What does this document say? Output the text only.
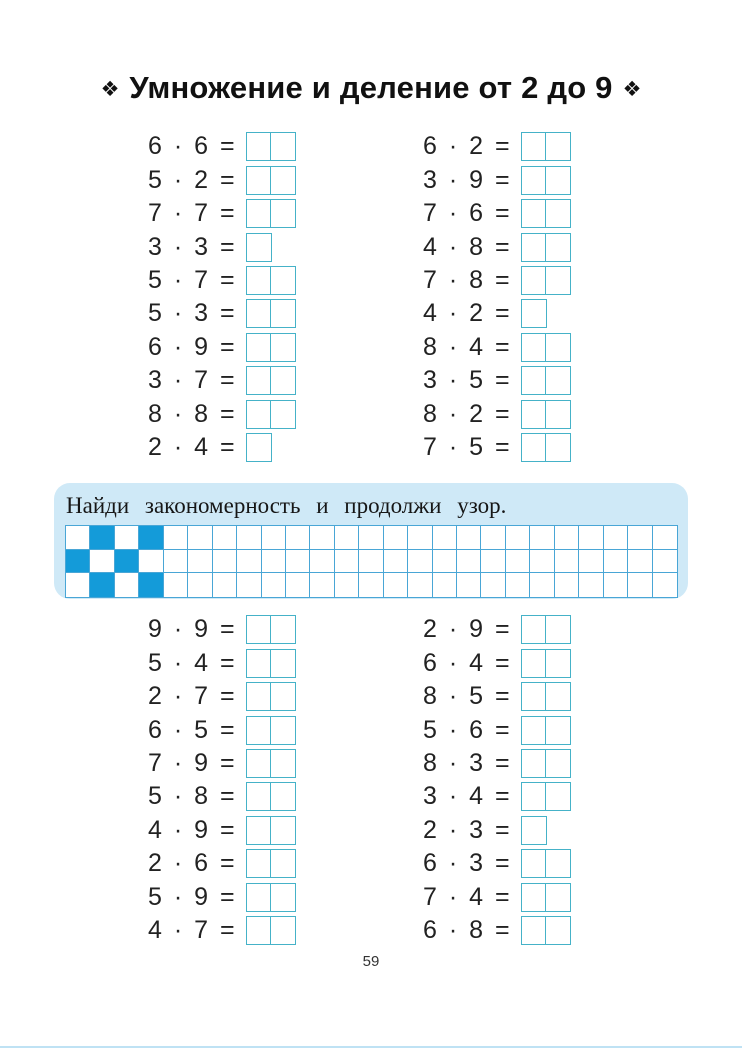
❖ Умножение и деление от 2 до 9 ❖
6 · 6 =
5 · 2 =
7 · 7 =
3 · 3 =
5 · 7 =
5 · 3 =
6 · 9 =
3 · 7 =
8 · 8 =
2 · 4 =
6 · 2 =
3 · 9 =
7 · 6 =
4 · 8 =
7 · 8 =
4 · 2 =
8 · 4 =
3 · 5 =
8 · 2 =
7 · 5 =
Найди закономерность и продолжи узор.
9 · 9 =
5 · 4 =
2 · 7 =
6 · 5 =
7 · 9 =
5 · 8 =
4 · 9 =
2 · 6 =
5 · 9 =
4 · 7 =
2 · 9 =
6 · 4 =
8 · 5 =
5 · 6 =
8 · 3 =
3 · 4 =
2 · 3 =
6 · 3 =
7 · 4 =
6 · 8 =
59
